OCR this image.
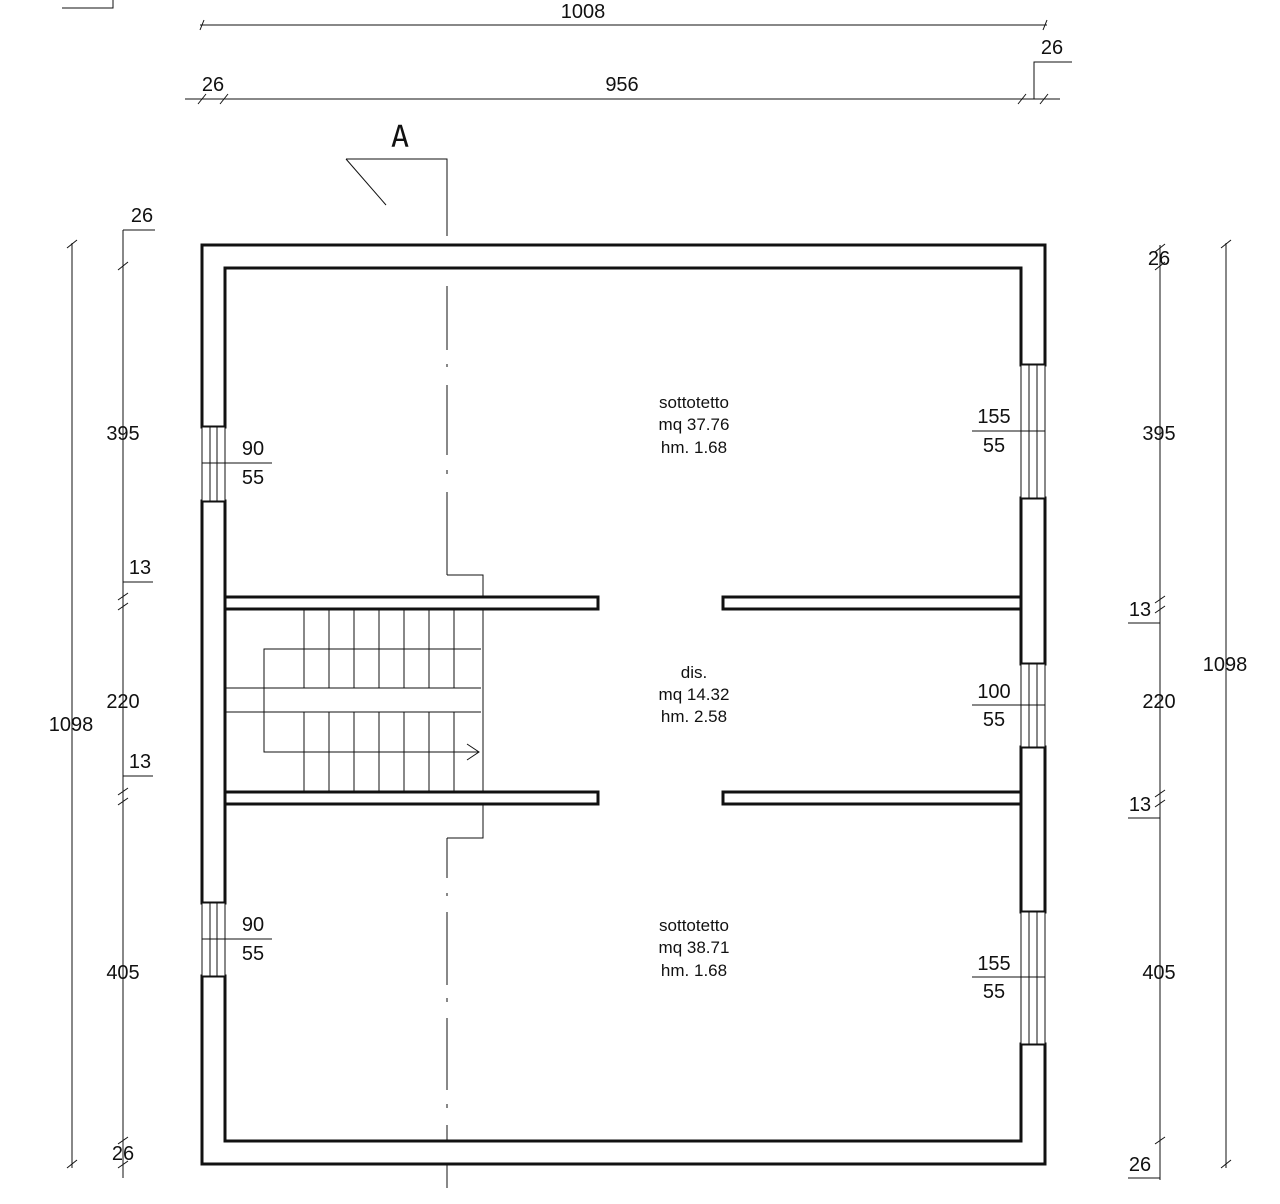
1008
956
26
26
A
90
55
90
55
155
55
100
55
155
55
sottotetto
mq 37.76
hm. 1.68
dis.
mq 14.32
hm. 2.58
sottotetto
mq 38.71
hm. 1.68
1098
26
395
13
220
13
405
26
1098
26
395
13
220
13
405
26
